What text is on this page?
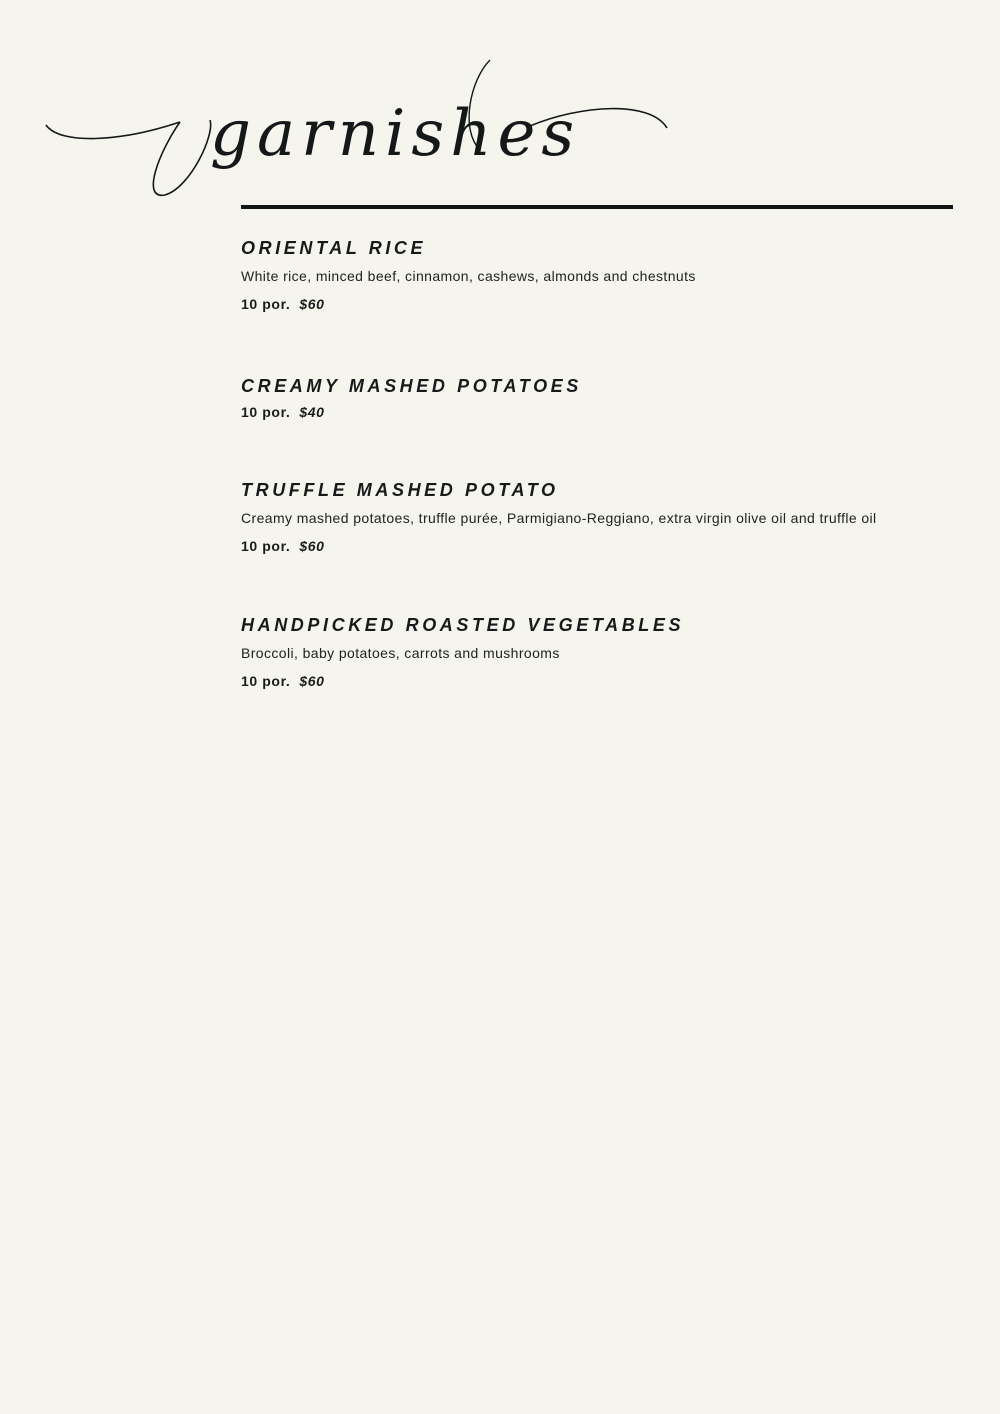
garnishes

ORIENTAL RICE

White rice, minced beef, cinnamon, cashews, almonds and chestnuts

10 por. $60

CREAMY MASHED POTATOES

10 por. $40

TRUFFLE MASHED POTATO

Creamy mashed potatoes, truffle purée, Parmigiano-Reggiano, extra virgin olive oil and truffle oil

10 por. $60

HANDPICKED ROASTED VEGETABLES

Broccoli, baby potatoes, carrots and mushrooms

10 por. $60
